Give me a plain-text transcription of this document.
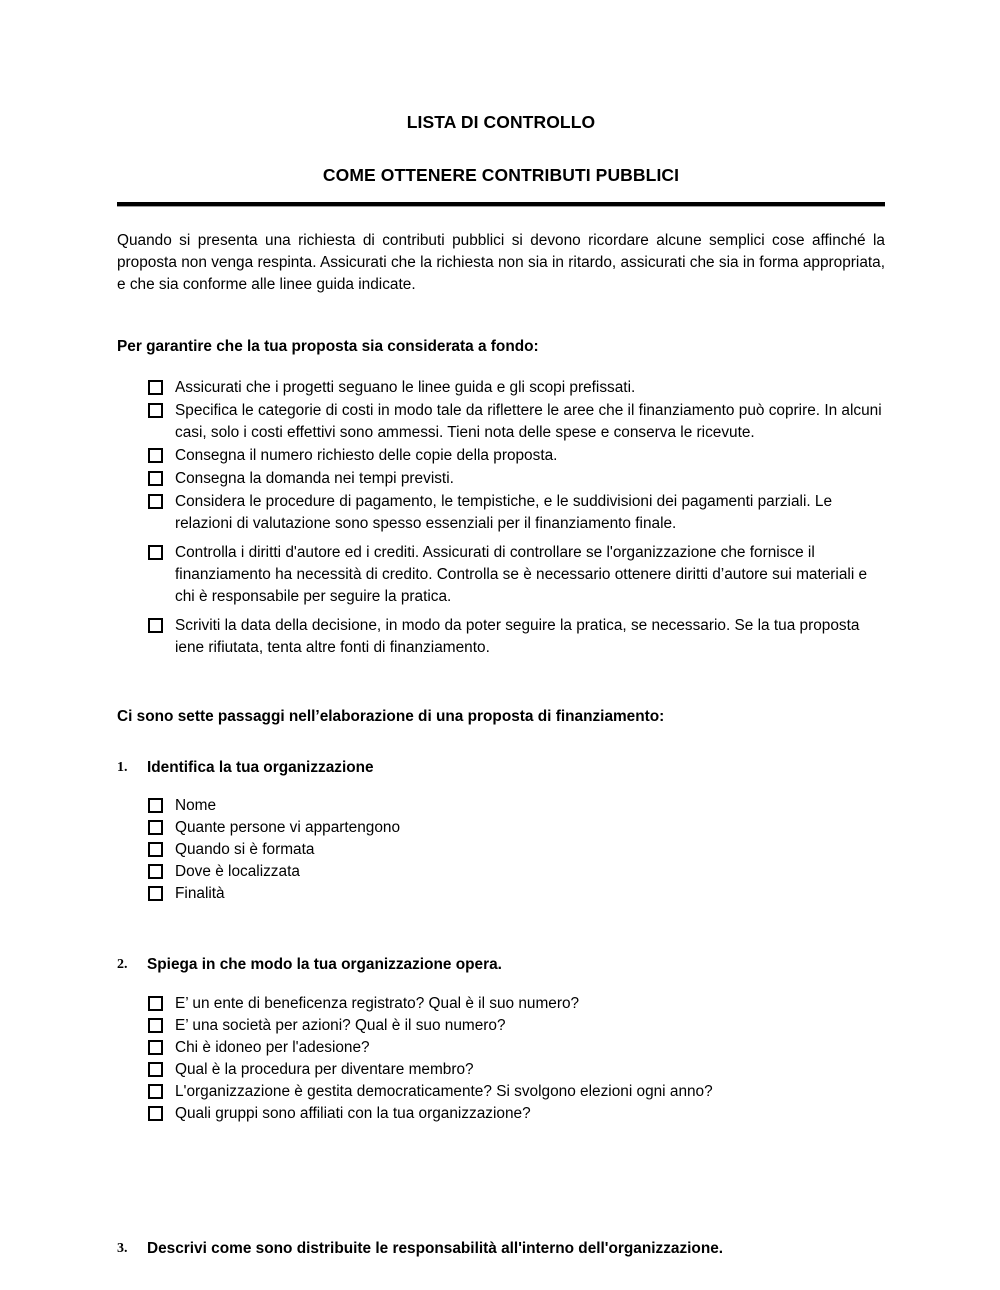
LISTA DI CONTROLLO
COME OTTENERE CONTRIBUTI PUBBLICI

Quando si presenta una richiesta di contributi pubblici si devono ricordare alcune semplici cose affinché la proposta non venga respinta. Assicurati che la richiesta non sia in ritardo, assicurati che sia in forma appropriata, e che sia conforme alle linee guida indicate.

Per garantire che la tua proposta sia considerata a fondo:
Assicurati che i progetti seguano le linee guida e gli scopi prefissati.
Specifica le categorie di costi in modo tale da riflettere le aree che il finanziamento può coprire. In alcuni casi, solo i costi effettivi sono ammessi. Tieni nota delle spese e conserva le ricevute.
Consegna il numero richiesto delle copie della proposta.
Consegna la domanda nei tempi previsti.
Considera le procedure di pagamento, le tempistiche, e le suddivisioni dei pagamenti parziali. Le relazioni di valutazione sono spesso essenziali per il finanziamento finale.
Controlla i diritti d'autore ed i crediti. Assicurati di controllare se l'organizzazione che fornisce il finanziamento ha necessità di credito. Controlla se è necessario ottenere diritti d’autore sui materiali e chi è responsabile per seguire la pratica.
Scriviti la data della decisione, in modo da poter seguire la pratica, se necessario. Se la tua proposta iene rifiutata, tenta altre fonti di finanziamento.
Ci sono sette passaggi nell’elaborazione di una proposta di finanziamento:
1. Identifica la tua organizzazione
Nome
Quante persone vi appartengono
Quando si è formata
Dove è localizzata
Finalità
2. Spiega in che modo la tua organizzazione opera.
E’ un ente di beneficenza registrato? Qual è il suo numero?
E’ una società per azioni? Qual è il suo numero?
Chi è idoneo per l'adesione?
Qual è la procedura per diventare membro?
L'organizzazione è gestita democraticamente? Si svolgono elezioni ogni anno?
Quali gruppi sono affiliati con la tua organizzazione?
3. Descrivi come sono distribuite le responsabilità all'interno dell'organizzazione.
